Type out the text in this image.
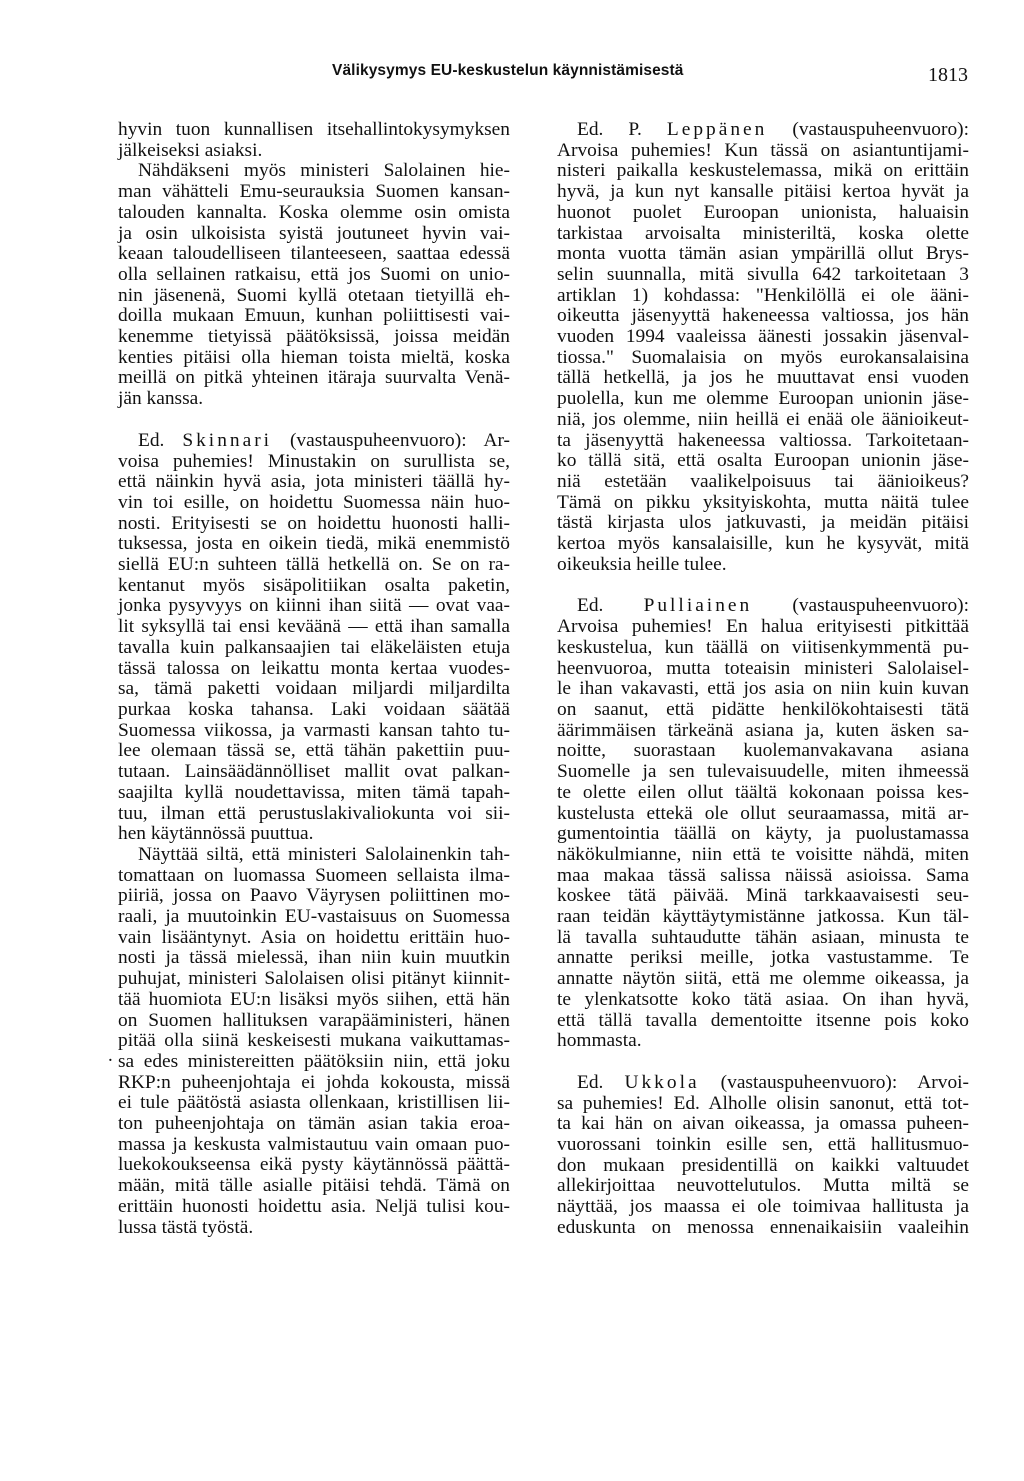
Välikysymys EU-keskustelun käynnistämisestä	1813
.
hyvin tuon kunnallisen itsehallintokysymyksen
jälkeiseksi asiaksi.
Nähdäkseni myös ministeri Salolainen hie-
man vähätteli Emu-seurauksia Suomen kansan-
talouden kannalta. Koska olemme osin omista
ja osin ulkoisista syistä joutuneet hyvin vai-
keaan taloudelliseen tilanteeseen, saattaa edessä
olla sellainen ratkaisu, että jos Suomi on unio-
nin jäsenenä, Suomi kyllä otetaan tietyillä eh-
doilla mukaan Emuun, kunhan poliittisesti vai-
kenemme tietyissä päätöksissä, joissa meidän
kenties pitäisi olla hieman toista mieltä, koska
meillä on pitkä yhteinen itäraja suurvalta Venä-
jän kanssa.
Ed. Skinnari (vastauspuheenvuoro): Ar-
voisa puhemies! Minustakin on surullista se,
että näinkin hyvä asia, jota ministeri täällä hy-
vin toi esille, on hoidettu Suomessa näin huo-
nosti. Erityisesti se on hoidettu huonosti halli-
tuksessa, josta en oikein tiedä, mikä enemmistö
siellä EU:n suhteen tällä hetkellä on. Se on ra-
kentanut myös sisäpolitiikan osalta paketin,
jonka pysyvyys on kiinni ihan siitä — ovat vaa-
lit syksyllä tai ensi keväänä — että ihan samalla
tavalla kuin palkansaajien tai eläkeläisten etuja
tässä talossa on leikattu monta kertaa vuodes-
sa, tämä paketti voidaan miljardi miljardilta
purkaa koska tahansa. Laki voidaan säätää
Suomessa viikossa, ja varmasti kansan tahto tu-
lee olemaan tässä se, että tähän pakettiin puu-
tutaan. Lainsäädännölliset mallit ovat palkan-
saajilta kyllä noudettavissa, miten tämä tapah-
tuu, ilman että perustuslakivaliokunta voi sii-
hen käytännössä puuttua.
Näyttää siltä, että ministeri Salolainenkin tah-
tomattaan on luomassa Suomeen sellaista ilma-
piiriä, jossa on Paavo Väyrysen poliittinen mo-
raali, ja muutoinkin EU-vastaisuus on Suomessa
vain lisääntynyt. Asia on hoidettu erittäin huo-
nosti ja tässä mielessä, ihan niin kuin muutkin
puhujat, ministeri Salolaisen olisi pitänyt kiinnit-
tää huomiota EU:n lisäksi myös siihen, että hän
on Suomen hallituksen varapääministeri, hänen
pitää olla siinä keskeisesti mukana vaikuttamas-
sa edes ministereitten päätöksiin niin, että joku
RKP:n puheenjohtaja ei johda kokousta, missä
ei tule päätöstä asiasta ollenkaan, kristillisen lii-
ton puheenjohtaja on tämän asian takia eroa-
massa ja keskusta valmistautuu vain omaan puo-
luekokoukseensa eikä pysty käytännössä päättä-
mään, mitä tälle asialle pitäisi tehdä. Tämä on
erittäin huonosti hoidettu asia. Neljä tulisi kou-
lussa tästä työstä.
Ed. P. Leppänen (vastauspuheenvuoro):
Arvoisa puhemies! Kun tässä on asiantuntijami-
nisteri paikalla keskustelemassa, mikä on erittäin
hyvä, ja kun nyt kansalle pitäisi kertoa hyvät ja
huonot puolet Euroopan unionista, haluaisin
tarkistaa arvoisalta ministeriltä, koska olette
monta vuotta tämän asian ympärillä ollut Brys-
selin suunnalla, mitä sivulla 642 tarkoitetaan 3
artiklan 1) kohdassa: "Henkilöllä ei ole ääni-
oikeutta jäsenyyttä hakeneessa valtiossa, jos hän
vuoden 1994 vaaleissa äänesti jossakin jäsenval-
tiossa." Suomalaisia on myös eurokansalaisina
tällä hetkellä, ja jos he muuttavat ensi vuoden
puolella, kun me olemme Euroopan unionin jäse-
niä, jos olemme, niin heillä ei enää ole äänioikeut-
ta jäsenyyttä hakeneessa valtiossa. Tarkoitetaan-
ko tällä sitä, että osalta Euroopan unionin jäse-
niä estetään vaalikelpoisuus tai äänioikeus?
Tämä on pikku yksityiskohta, mutta näitä tulee
tästä kirjasta ulos jatkuvasti, ja meidän pitäisi
kertoa myös kansalaisille, kun he kysyvät, mitä
oikeuksia heille tulee.
Ed. Pulliainen (vastauspuheenvuoro):
Arvoisa puhemies! En halua erityisesti pitkittää
keskustelua, kun täällä on viitisenkymmentä pu-
heenvuoroa, mutta toteaisin ministeri Salolaisel-
le ihan vakavasti, että jos asia on niin kuin kuvan
on saanut, että pidätte henkilökohtaisesti tätä
äärimmäisen tärkeänä asiana ja, kuten äsken sa-
noitte, suorastaan kuolemanvakavana asiana
Suomelle ja sen tulevaisuudelle, miten ihmeessä
te olette eilen ollut täältä kokonaan poissa kes-
kustelusta ettekä ole ollut seuraamassa, mitä ar-
gumentointia täällä on käyty, ja puolustamassa
näkökulmianne, niin että te voisitte nähdä, miten
maa makaa tässä salissa näissä asioissa. Sama
koskee tätä päivää. Minä tarkkaavaisesti seu-
raan teidän käyttäytymistänne jatkossa. Kun täl-
lä tavalla suhtaudutte tähän asiaan, minusta te
annatte periksi meille, jotka vastustamme. Te
annatte näytön siitä, että me olemme oikeassa, ja
te ylenkatsotte koko tätä asiaa. On ihan hyvä,
että tällä tavalla dementoitte itsenne pois koko
hommasta.
Ed. Ukkola (vastauspuheenvuoro): Arvoi-
sa puhemies! Ed. Alholle olisin sanonut, että tot-
ta kai hän on aivan oikeassa, ja omassa puheen-
vuorossani toinkin esille sen, että hallitusmuo-
don mukaan presidentillä on kaikki valtuudet
allekirjoittaa neuvottelutulos. Mutta miltä se
näyttää, jos maassa ei ole toimivaa hallitusta ja
eduskunta on menossa ennenaikaisiin vaaleihin
